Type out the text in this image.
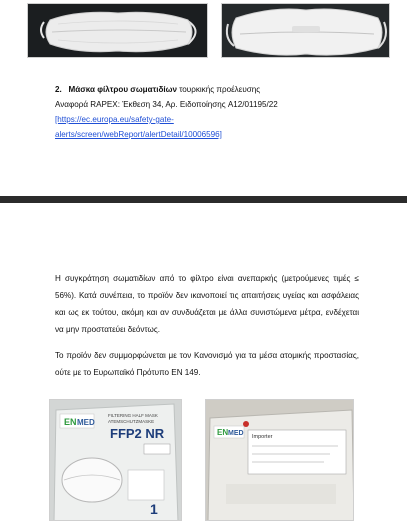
2. Μάσκα φίλτρου σωματιδίων τουρκικής προέλευσης
Αναφορά RAPEX: Έκθεση 34, Αρ. Ειδοποίησης A12/01195/22
[https://ec.europa.eu/safety-gate-
alerts/screen/webReport/alertDetail/10006596]

Η συγκράτηση σωματιδίων από το φίλτρο είναι ανεπαρκής (μετρούμενες τιμές ≤ 56%). Κατά συνέπεια, το προϊόν δεν ικανοποιεί τις απαιτήσεις υγείας και ασφάλειας και ως εκ τούτου, ακόμη και αν συνδυάζεται με άλλα συνιστώμενα μέτρα, ενδέχεται να μην προστατεύει δεόντως.

Το προϊόν δεν συμμορφώνεται με τον Κανονισμό για τα μέσα ατομικής προστασίας, ούτε με το Ευρωπαϊκό Πρότυπο EN 149.

EN MED
FILTERING HALF MASK
ATEMSCHUTZMASKE
FFP2 NR
1
EN MED Importer
